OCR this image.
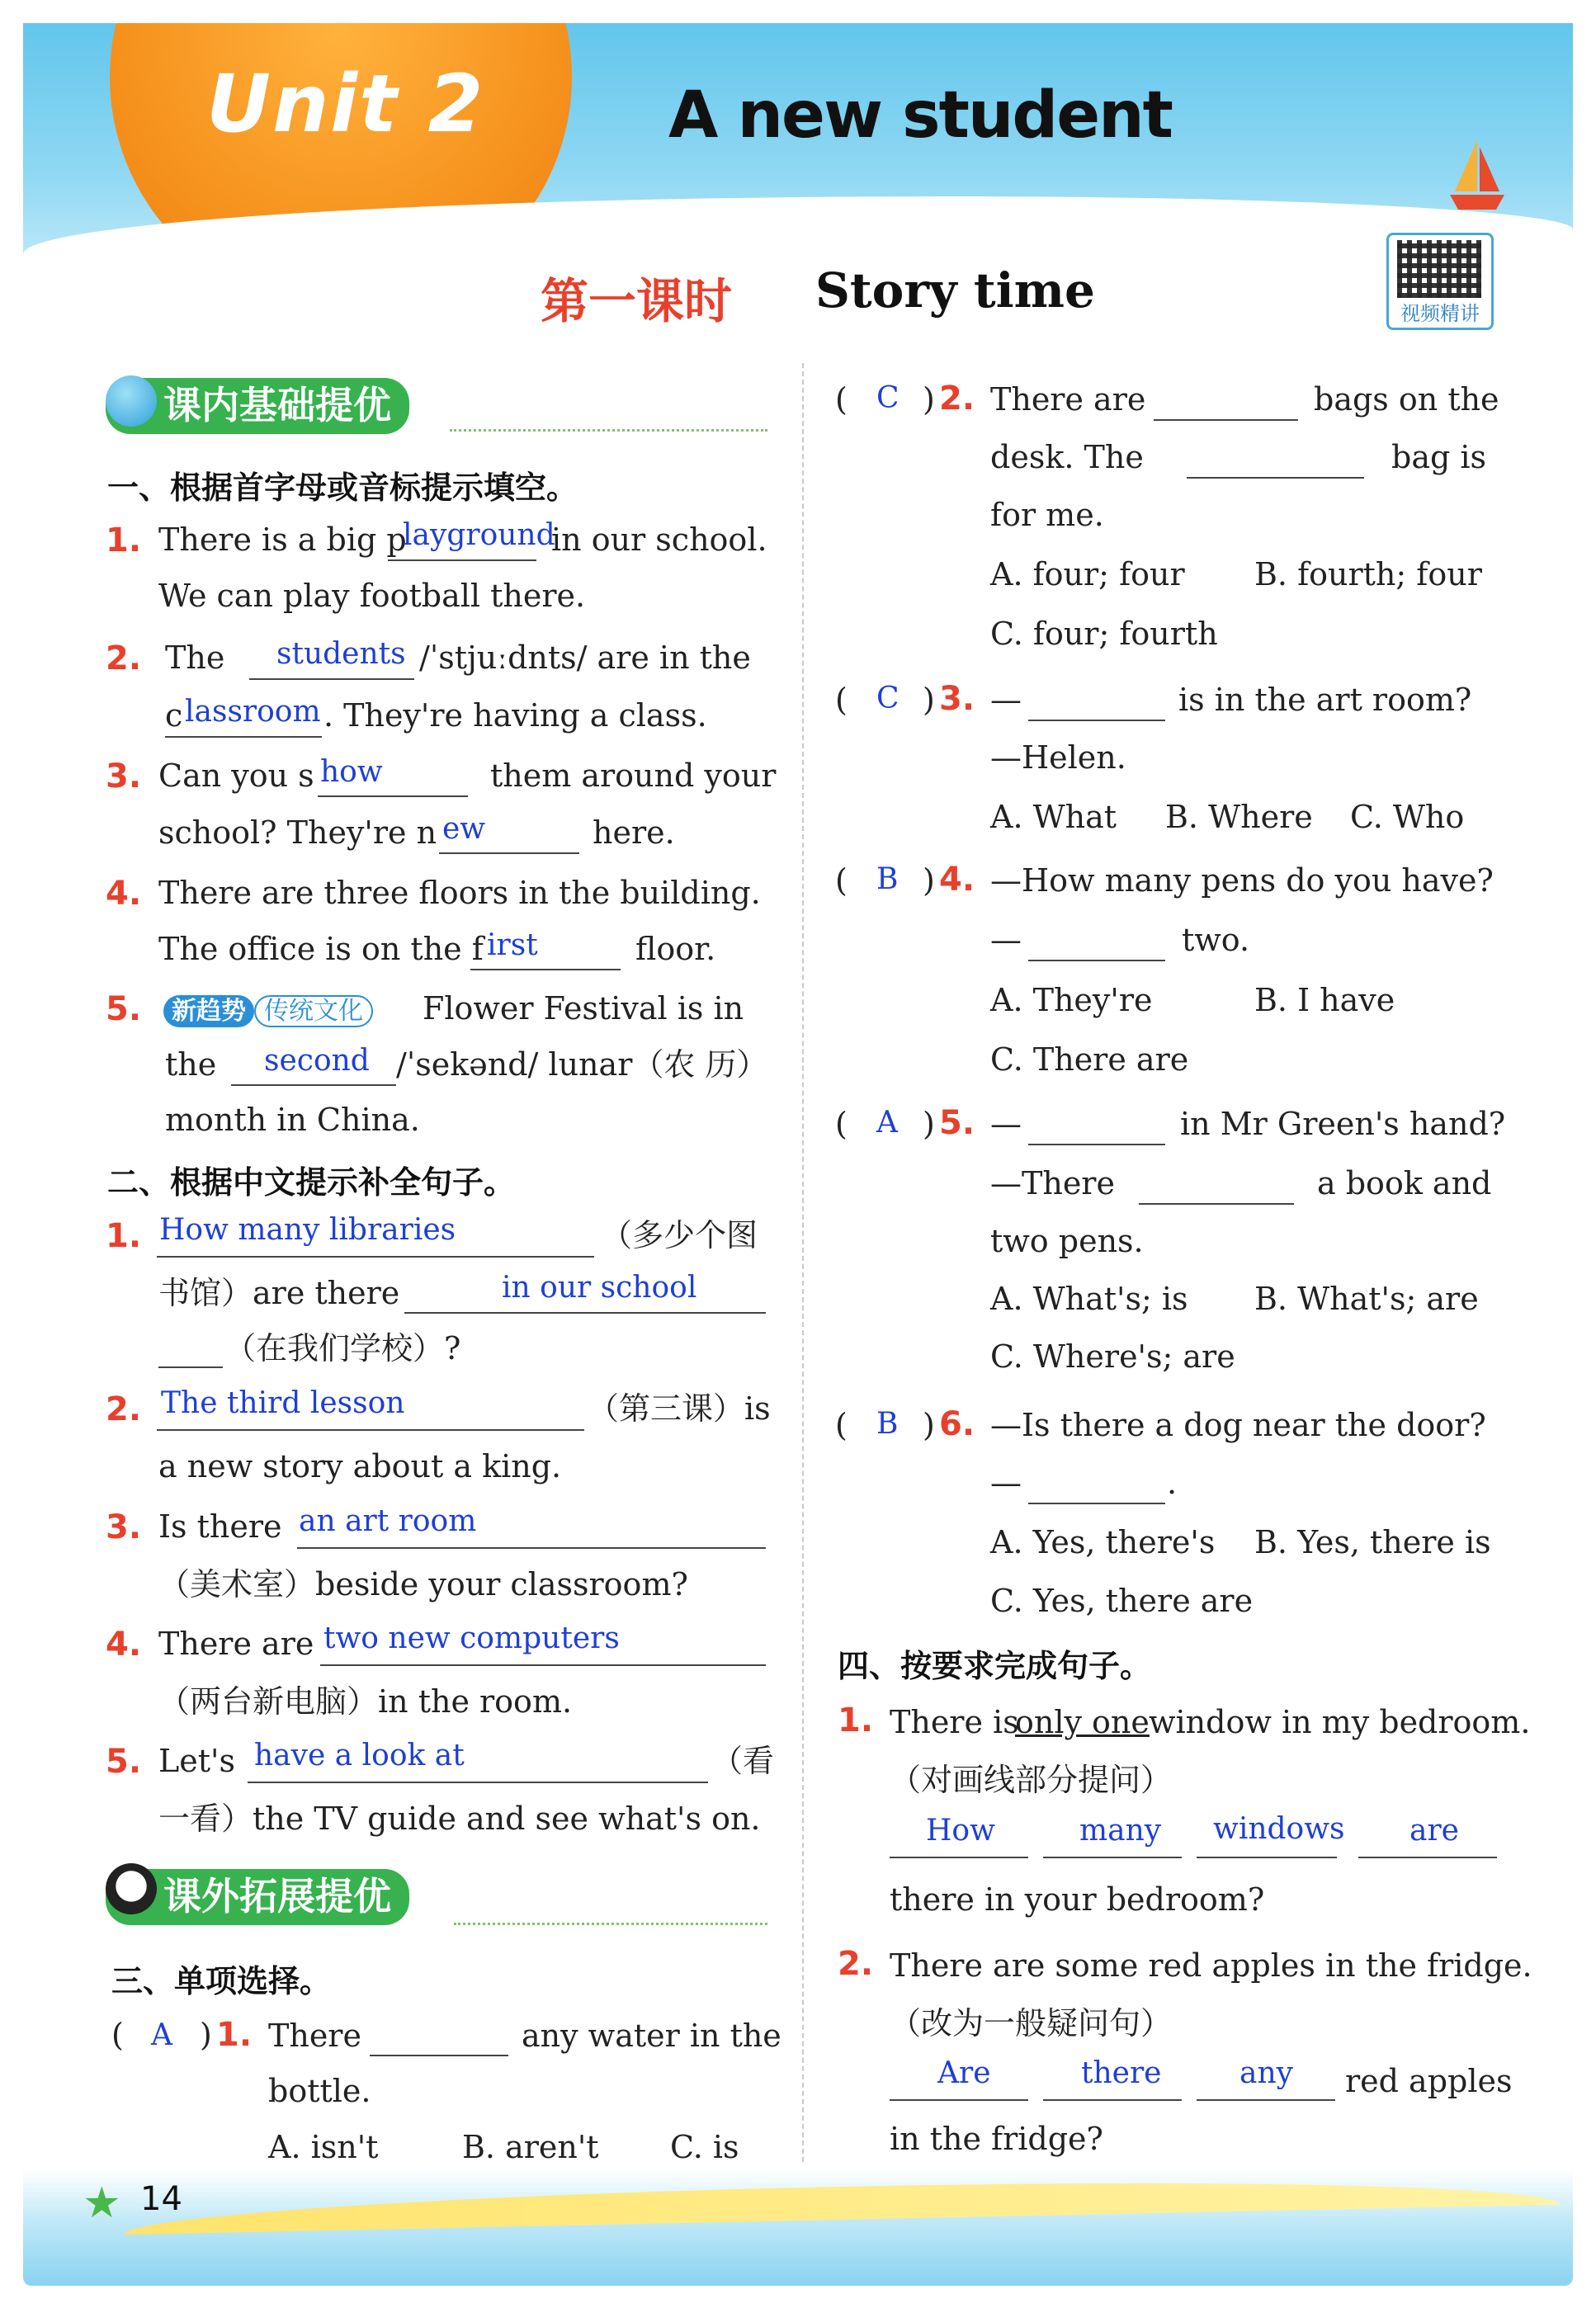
Unit 2	A new student
第一课时 Story time	视频精讲
课内基础提优
一、根据首字母或音标提示填空。
1. There is a big p
layground
in our school.
We can play football there.
2. The students /ˈstjuːdnts/ are in the
c lassroom . They're having a class.
3. Can you s how	them around your
school? They're n ew	here.
4. There are three floors in the building.
The office is on the f irst	floor.
5.	新趋势 传统文化	Flower Festival is in
the second /ˈsekənd/ lunar（农 历）
month in China.
二、根据中文提示补全句子。
1. How many libraries	（多少个图
书馆）are there	in our school
（在我们学校）?
2. The third lesson	（第三课）is
a new story about a king.
3. Is there an art room
（美术室）beside your classroom?
4. There are two new computers
（两台新电脑）in the room.
5. Let's have a look at	（看
一看）the TV guide and see what's on.
课外拓展提优
三、单项选择。
( A ) 1. There	any water in the
bottle.
A. isn't	B. aren't C. is
( C ) 2. There are	bags on the
desk. The	bag is
for me.
A. four; four B. fourth; four
C. four; fourth
( C ) 3. —	is in the art room?
—Helen.
A. What B. Where C. Who
( B ) 4. —How many pens do you have?
—	two.
A. They're	B. I have
C. There are
( A ) 5. —	in Mr Green's hand?
—There	a book and
two pens.
A. What's; is B. What's; are
C. Where's; are
( B ) 6. —Is there a dog near the door?
—	.
A. Yes, there's B. Yes, there is
C. Yes, there are
四、按要求完成句子。
1. There is
only one window in my bedroom.
（对画线部分提问）
How	many windows are
there in your bedroom?
2. There are some red apples in the fridge.
（改为一般疑问句）
Are	there	any red apples
in the fridge?
★ 14
